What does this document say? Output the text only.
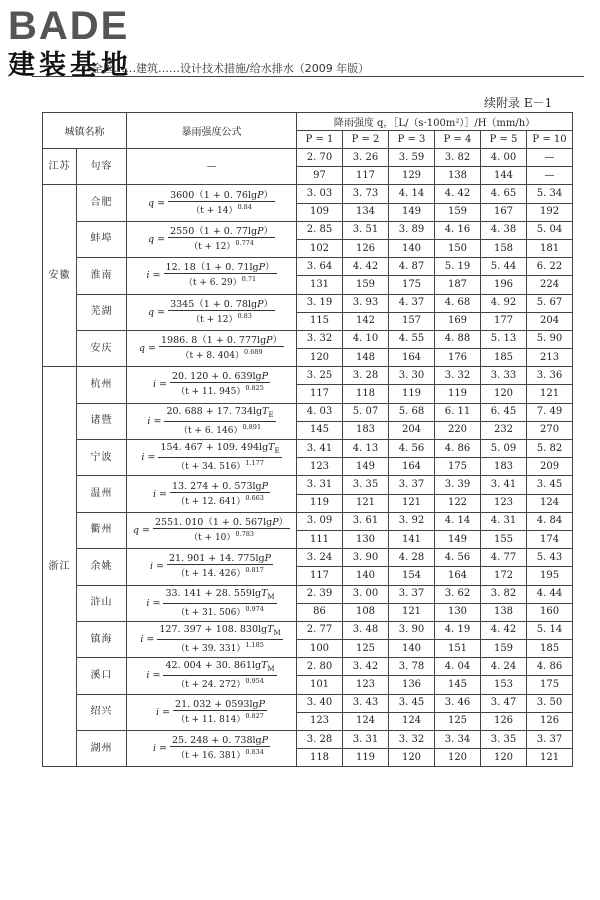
BADE
建装基地
全国……建筑……设计技术措施/给水排水（2009 年版）
续附录 E－1
城镇名称		暴雨强度公式	降雨强度 q，［L/（s·100m²）］/H（mm/h）					
			P = 1	P = 2	P = 3	P = 4	P = 5	P = 10
江苏	句容	—	2. 70	3. 26	3. 59	3. 82	4. 00	—
			97	117	129	138	144	—
安徽	合肥	$q = \frac{3600(1 + 0. 76\lg P)}{(t + 14)^{0.84}}$	3. 03	3. 73	4. 14	4. 42	4. 65	5. 34
			109	134	149	159	167	192
	蚌埠	$q = \frac{2550(1 + 0. 77\lg P)}{(t + 12)^{0.774}}$	2. 85	3. 51	3. 89	4. 16	4. 38	5. 04
			102	126	140	150	158	181
	淮南	$i = \frac{12. 18(1 + 0. 71\lg P)}{(t + 6. 29)^{0.71}}$	3. 64	4. 42	4. 87	5. 19	5. 44	6. 22
			131	159	175	187	196	224
	芜湖	$q = \frac{3345(1 + 0. 78\lg P)}{(t + 12)^{0.83}}$	3. 19	3. 93	4. 37	4. 68	4. 92	5. 67
			115	142	157	169	177	204
	安庆	$q = \frac{1986. 8(1 + 0. 777\lg P)}{(t + 8. 404)^{0.689}}$	3. 32	4. 10	4. 55	4. 88	5. 13	5. 90
			120	148	164	176	185	213
浙江	杭州	$i = \frac{20. 120 + 0. 639\lg P}{(t + 11. 945)^{0.825}}$	3. 25	3. 28	3. 30	3. 32	3. 33	3. 36
			117	118	119	119	120	121
	诸暨	$i = \frac{20. 688 + 17. 734\lg T_E}{(t + 6. 146)^{0.891}}$	4. 03	5. 07	5. 68	6. 11	6. 45	7. 49
			145	183	204	220	232	270
	宁波	$i = \frac{154. 467 + 109. 494\lg T_E}{(t + 34. 516)^{1.177}}$	3. 41	4. 13	4. 56	4. 86	5. 09	5. 82
			123	149	164	175	183	209
	温州	$i = \frac{13. 274 + 0. 573\lg P}{(t + 12. 641)^{0.663}}$	3. 31	3. 35	3. 37	3. 39	3. 41	3. 45
			119	121	121	122	123	124
	衢州	$q = \frac{2551. 010(1 + 0. 567\lg P)}{(t + 10)^{0.783}}$	3. 09	3. 61	3. 92	4. 14	4. 31	4. 84
			111	130	141	149	155	174
	余姚	$i = \frac{21. 901 + 14. 775\lg P}{(t + 14. 426)^{0.817}}$	3. 24	3. 90	4. 28	4. 56	4. 77	5. 43
			117	140	154	164	172	195
	浒山	$i = \frac{33. 141 + 28. 559\lg T_M}{(t + 31. 506)^{0.974}}$	2. 39	3. 00	3. 37	3. 62	3. 82	4. 44
			86	108	121	130	138	160
	镇海	$i = \frac{127. 397 + 108. 830\lg T_M}{(t + 39. 331)^{1.185}}$	2. 77	3. 48	3. 90	4. 19	4. 42	5. 14
			100	125	140	151	159	185
	溪口	$i = \frac{42. 004 + 30. 861\lg T_M}{(t + 24. 272)^{0.954}}$	2. 80	3. 42	3. 78	4. 04	4. 24	4. 86
			101	123	136	145	153	175
	绍兴	$i = \frac{21. 032 + 0593\lg P}{(t + 11. 814)^{0.827}}$	3. 40	3. 43	3. 45	3. 46	3. 47	3. 50
			123	124	124	125	126	126
	湖州	$i = \frac{25. 248 + 0. 738\lg P}{(t + 16. 381)^{0.834}}$	3. 28	3. 31	3. 32	3. 34	3. 35	3. 37
			118	119	120	120	120	121
